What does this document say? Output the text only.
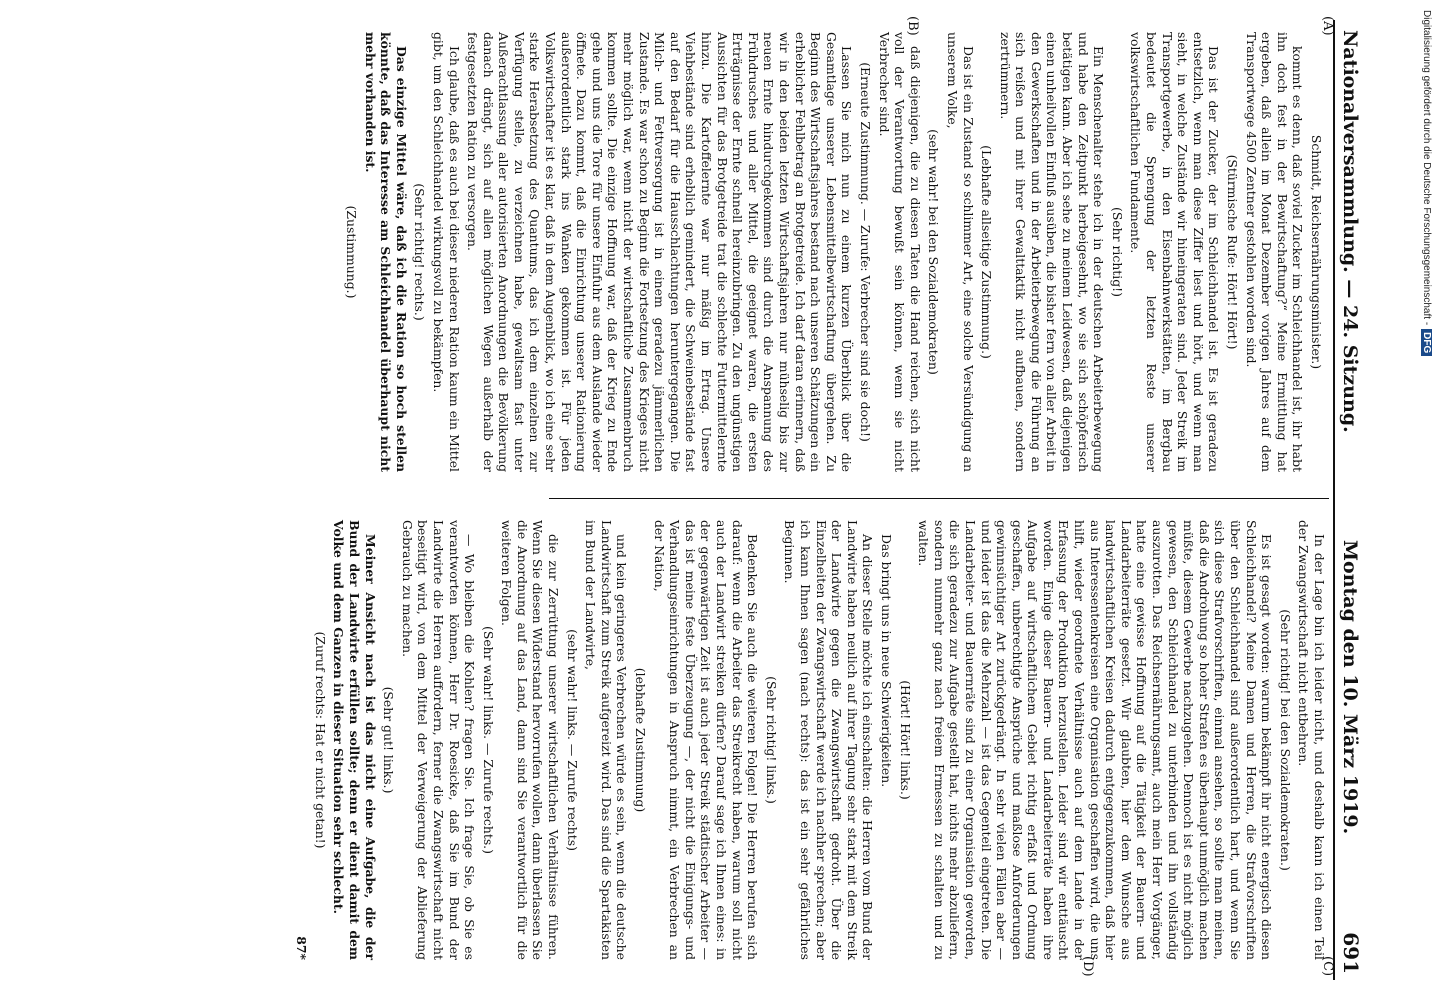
Nationalversammlung. — 24. Sitzung.
Montag den 10. März 1919.
691
(A)
(B)
(C)
(D)

Schmidt, Reichsernährungsminister.)

kommt es denn, daß soviel Zucker im Schleichhandel ist, ihr habt ihn doch fest in der Bewirtschaftung?“ Meine Ermittlung hat ergeben, daß allein im Monat Dezember vorigen Jahres auf dem Transportwege 4500 Zentner gestohlen worden sind.

(Stürmische Rufe: Hört! Hört!)

Das ist der Zucker, der im Schleichhandel ist. Es ist geradezu entsetzlich, wenn man diese Ziffer liest und hört, und wenn man sieht, in welche Zustände wir hineingeraten sind. Jeder Streik im Transportgewerbe, in den Eisenbahnwerkstätten, im Bergbau bedeutet die Sprengung der letzten Reste unserer volkswirtschaftlichen Fundamente.

(Sehr richtig!)

Ein Menschenalter stehe ich in der deutschen Arbeiterbewegung und habe den Zeitpunkt herbeigesehnt, wo sie sich schöpferisch betätigen kann. Aber ich sehe zu meinem Leidwesen, daß diejenigen einen unheilvollen Einfluß ausüben, die bisher fern von aller Arbeit in den Gewerkschaften und in der Arbeiterbewegung die Führung an sich reißen und mit ihrer Gewalttaktik nicht aufbauen, sondern zertrümmern.

(Lebhafte allseitige Zustimmung.)

Das ist ein Zustand so schlimmer Art, eine solche Versündigung an unserem Volke,

(sehr wahr! bei den Sozialdemokraten)

daß diejenigen, die zu diesen Taten die Hand reichen, sich nicht voll der Verantwortung bewußt sein können, wenn sie nicht Verbrecher sind.

(Erneute Zustimmung. — Zurufe: Verbrecher sind sie doch!)

Lassen Sie mich nun zu einem kurzen Überblick über die Gesamtlage unserer Lebensmittelbewirtschaftung übergehen. Zu Beginn des Wirtschaftsjahres bestand nach unseren Schätzungen ein erheblicher Fehlbetrag an Brotgetreide. Ich darf daran erinnern, daß wir in den beiden letzten Wirtschaftsjahren nur mühselig bis zur neuen Ernte hindurchgekommen sind durch die Anspannung des Frühdrusches und aller Mittel, die geeignet waren, die ersten Erträgnisse der Ernte schnell hereinzubringen. Zu den ungünstigen Aussichten für das Brotgetreide trat die schlechte Futtermittelernte hinzu. Die Kartoffelernte war nur mäßig im Ertrag. Unsere Viehbestände sind erheblich gemindert, die Schweinebestände fast auf den Bedarf für die Hausschlachtungen heruntergegangen. Die Milch- und Fettversorgung ist in einem geradezu jämmerlichen Zustande. Es war schon zu Beginn die Fortsetzung des Krieges nicht mehr möglich war, wenn nicht der wirtschaftliche Zusammenbruch kommen sollte. Die einzige Hoffnung war, daß der Krieg zu Ende gehe und uns die Tore für unsere Einfuhr aus dem Auslande wieder öffnete. Dazu kommt, daß die Einrichtung unserer Rationierung außerordentlich stark ins Wanken gekommen ist. Für jeden Volkswirtschafter ist es klar, daß in dem Augenblick, wo ich eine sehr starke Herabsetzung des Quantums, das ich dem einzelnen zur Verfügung stelle, zu verzeichnen habe, gewaltsam fast unter Außerachtlassung aller autorisierten Anordnungen die Bevölkerung danach drängt, sich auf allen möglichen Wegen außerhalb der festgesetzten Ration zu versorgen.

Ich glaube, daß es auch bei dieser niederen Ration kaum ein Mittel gibt, um den Schleichhandel wirkungsvoll zu bekämpfen.

(Sehr richtig! rechts.)

Das einzige Mittel wäre, daß ich die Ration so hoch stellen könnte, daß das Interesse am Schleichhandel überhaupt nicht mehr vorhanden ist.

(Zustimmung.)

In der Lage bin ich leider nicht, und deshalb kann ich einen Teil der Zwangswirtschaft nicht entbehren.

(Sehr richtig! bei den Sozialdemokraten.)

Es ist gesagt worden: warum bekämpft ihr nicht energisch diesen Schleichhandel? Meine Damen und Herren, die Strafvorschriften über den Schleichhandel sind außerordentlich hart, und wenn Sie sich diese Strafvorschriften, einmal ansehen, so sollte man meinen, daß die Androhung so hoher Strafen es überhaupt unmöglich machen müßte, diesem Gewerbe nachzugehen. Dennoch ist es nicht möglich gewesen, den Schleichhandel zu unterbinden und ihn vollständig auszurotten. Das Reichsernährungsamt, auch mein Herr Vorgänger, hatte eine gewisse Hoffnung auf die Tätigkeit der Bauern- und Landarbeiterräte gesetzt. Wir glaubten, hier dem Wunsche aus landwirtschaftlichen Kreisen dadurch entgegenzukommen, daß hier aus Interessentenkreisen eine Organisation geschaffen wird, die uns hilft, wieder geordnete Verhältnisse auch auf dem Lande in der Erfassung der Produktion herzustellen. Leider sind wir enttäuscht worden. Einige dieser Bauern- und Landarbeiterräte haben ihre Aufgabe auf wirtschaftlichem Gebiet richtig erfaßt und Ordnung geschaffen, unberechtigte Ansprüche und maßlose Anforderungen gewinnsüchtiger Art zurückgedrängt. In sehr vielen Fällen aber — und leider ist das die Mehrzahl — ist das Gegenteil eingetreten. Die Landarbeiter- und Bauernräte sind zu einer Organisation geworden, die sich geradezu zur Aufgabe gestellt hat, nichts mehr abzuliefern, sondern nunmehr ganz nach freiem Ermessen zu schalten und zu walten.

(Hört! Hört! links.)

Das bringt uns in neue Schwierigkeiten.

An dieser Stelle möchte ich einschalten: die Herren vom Bund der Landwirte haben neulich auf ihrer Tagung sehr stark mit dem Streik der Landwirte gegen die Zwangswirtschaft gedroht. Über die Einzelheiten der Zwangswirtschaft werde ich nachher sprechen; aber ich kann Ihnen sagen (nach rechts): das ist ein sehr gefährliches Beginnen.

(Sehr richtig! links.)

Bedenken Sie auch die weiteren Folgen! Die Herren berufen sich darauf: wenn die Arbeiter das Streikrecht haben, warum soll nicht auch der Landwirt streiken dürfen? Darauf sage ich Ihnen eines: in der gegenwärtigen Zeit ist auch jeder Streik städtischer Arbeiter — das ist meine feste Überzeugung —, der nicht die Einigungs- und Verhandlungseinrichtungen in Anspruch nimmt, ein Verbrechen an der Nation,

(lebhafte Zustimmung)

und kein geringeres Verbrechen würde es sein, wenn die deutsche Landwirtschaft zum Streik aufgereizt wird. Das sind die Spartakisten im Bund der Landwirte,

(sehr wahr! links. — Zurufe rechts)

die zur Zerrüttung unserer wirtschaftlichen Verhältnisse führen. Wenn Sie diesen Widerstand hervorrufen wollen, dann überlassen Sie die Anordnung auf das Land, dann sind Sie verantwortlich für die weiteren Folgen.

(Sehr wahr! links. — Zurufe rechts.)

— Wo bleiben die Kohlen? fragen Sie. Ich frage Sie, ob Sie es verantworten können, Herr Dr. Roesicke, daß Sie im Bund der Landwirte die Herren auffordern, ferner die Zwangswirtschaft nicht beseitigt wird, von dem Mittel der Verweigerung der Ablieferung Gebrauch zu machen.

(Sehr gut! links.)

Meiner Ansicht nach ist das nicht eine Aufgabe, die der Bund der Landwirte erfüllen sollte; denn er dient damit dem Volke und dem Ganzen in dieser Situation sehr schlecht.

(Zuruf rechts: Hat er nicht getan!)

87*

Digitalisierung gefördert durch die Deutsche Forschungsgemeinschaft -DFG
